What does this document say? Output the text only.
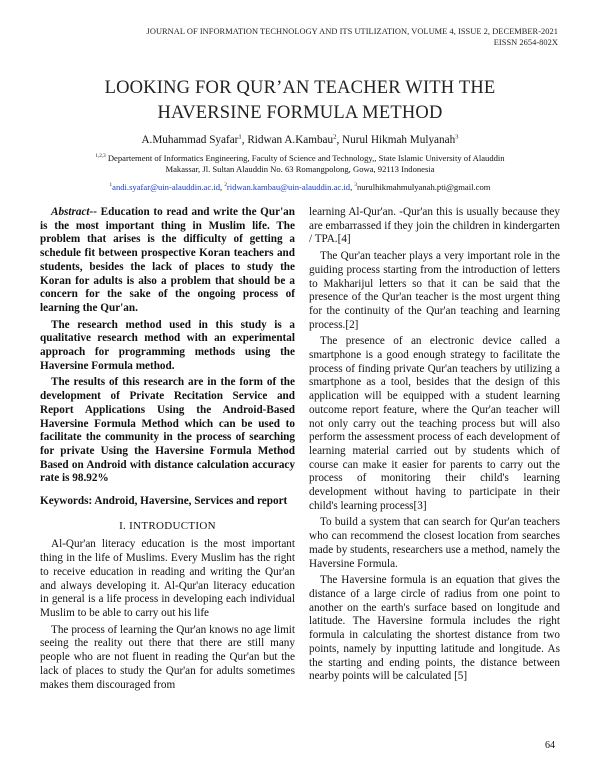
JOURNAL OF INFORMATION TECHNOLOGY AND ITS UTILIZATION, VOLUME 4, ISSUE 2, DECEMBER-2021
EISSN 2654-802X
LOOKING FOR QUR’AN TEACHER WITH THE
HAVERSINE FORMULA METHOD
A.Muhammad Syafar$^1$, Ridwan A.Kambau$^2$, Nurul Hikmah Mulyanah$^3$
$^{1,2,3}$ Departement of Informatics Engineering, Faculty of Science and Technology,, State Islamic University of Alauddin
Makassar, Jl. Sultan Alauddin No. 63 Romangpolong, Gowa, 92113 Indonesia
$^1$andi.syafar@uin-alauddin.ac.id, $^2$ridwan.kambau@uin-alauddin.ac.id, $^3$nurulhikmahmulyanah.pti@gmail.com

Abstract-- Education to read and write the Qur'an is the most important thing in Muslim life. The problem that arises is the difficulty of getting a schedule fit between prospective Koran teachers and students, besides the lack of places to study the Koran for adults is also a problem that should be a concern for the sake of the ongoing process of learning the Qur'an.

The research method used in this study is a qualitative research method with an experimental approach for programming methods using the Haversine Formula method.

The results of this research are in the form of the development of Private Recitation Service and Report Applications Using the Android-Based Haversine Formula Method which can be used to facilitate the community in the process of searching for private Using the Haversine Formula Method Based on Android with distance calculation accuracy rate is 98.92%

Keywords: Android, Haversine, Services and report

I. INTRODUCTION

Al-Qur'an literacy education is the most important thing in the life of Muslims. Every Muslim has the right to receive education in reading and writing the Qur'an and always developing it. Al-Qur'an literacy education in general is a life process in developing each individual Muslim to be able to carry out his life

The process of learning the Qur'an knows no age limit seeing the reality out there that there are still many people who are not fluent in reading the Qur'an but the lack of places to study the Qur'an for adults sometimes makes them discouraged from

learning Al-Qur'an. -Qur'an this is usually because they are embarrassed if they join the children in kindergarten / TPA.[4]

The Qur'an teacher plays a very important role in the guiding process starting from the introduction of letters to Makharijul letters so that it can be said that the presence of the Qur'an teacher is the most urgent thing for the continuity of the Qur'an teaching and learning process.[2]

The presence of an electronic device called a smartphone is a good enough strategy to facilitate the process of finding private Qur'an teachers by utilizing a smartphone as a tool, besides that the design of this application will be equipped with a student learning outcome report feature, where the Qur'an teacher will not only carry out the teaching process but will also perform the assessment process of each development of learning material carried out by students which of course can make it easier for parents to carry out the process of monitoring their child's learning development without having to participate in their child's learning process[3]

To build a system that can search for Qur'an teachers who can recommend the closest location from searches made by students, researchers use a method, namely the Haversine Formula.

The Haversine formula is an equation that gives the distance of a large circle of radius from one point to another on the earth's surface based on longitude and latitude. The Haversine formula includes the right formula in calculating the shortest distance from two points, namely by inputting latitude and longitude. As the starting and ending points, the distance between nearby points will be calculated [5]

64
